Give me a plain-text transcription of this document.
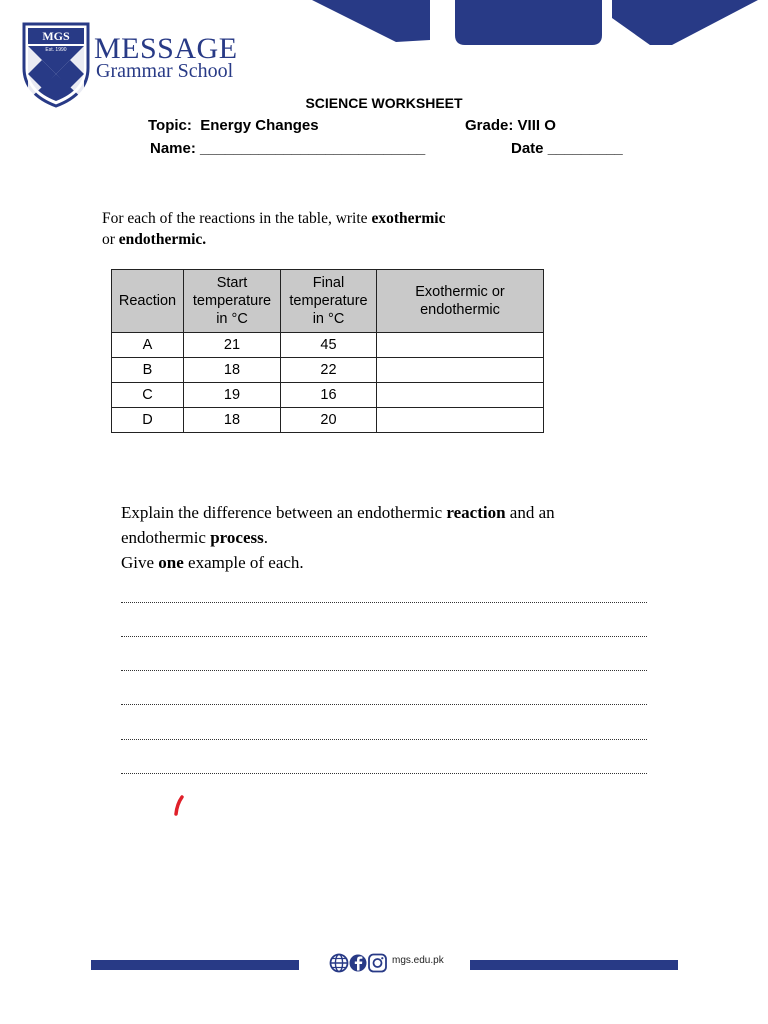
MGS
Est. 1990 MESSAGE
Grammar School
SCIENCE WORKSHEET
Topic: Energy Changes	Grade: VIII O
Name: ___________________________	Date _________
For each of the reactions in the table, write exothermic
or endothermic.
Reaction	Start
temperature
in °C	Final
temperature
in °C	Exothermic or
endothermic
A	21	45	
B	18	22	
C	19	16	
D	18	20	
Explain the difference between an endothermic reaction and an
endothermic process.
Give one example of each.
mgs.edu.pk
